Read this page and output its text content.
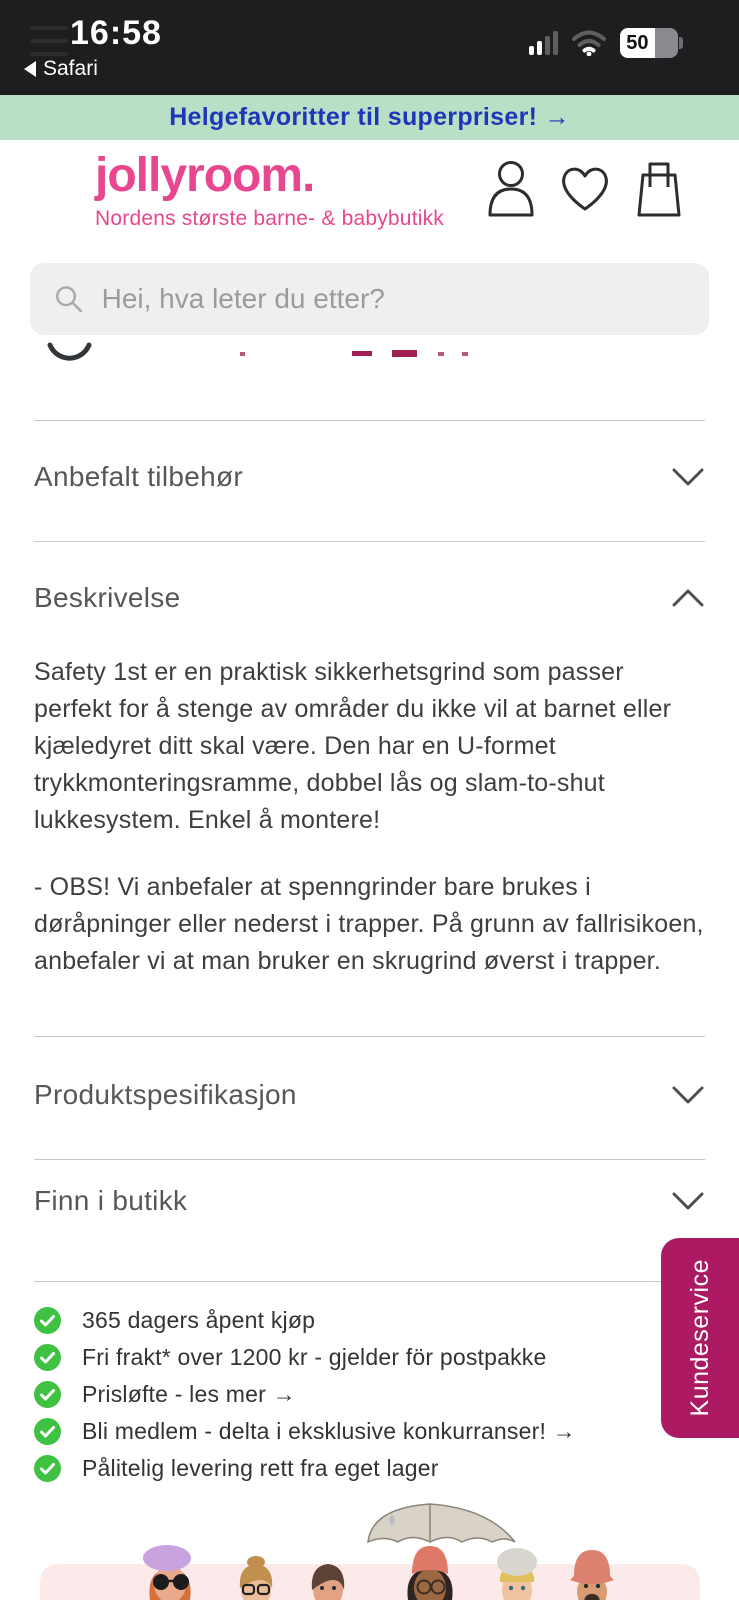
16:58
Safari
50
Helgefavoritter til superpriser! →
jollyroom.
Nordens største barne- & babybutikk
Hei, hva leter du etter?
Anbefalt tilbehør
Beskrivelse

Safety 1st er en praktisk sikkerhetsgrind som passer perfekt for å stenge av områder du ikke vil at barnet eller kjæledyret ditt skal være. Den har en U-formet trykkmonteringsramme, dobbel lås og slam-to-shut lukkesystem. Enkel å montere!

- OBS! Vi anbefaler at spenngrinder bare brukes i døråpninger eller nederst i trapper. På grunn av fallrisikoen, anbefaler vi at man bruker en skrugrind øverst i trapper.

Produktspesifikasjon
Finn i butikk
365 dagers åpent kjøp
Fri frakt* over 1200 kr - gjelder för postpakke
Prisløfte - les mer →
Bli medlem - delta i eksklusive konkurranser! →
Pålitelig levering rett fra eget lager
Kundeservice
